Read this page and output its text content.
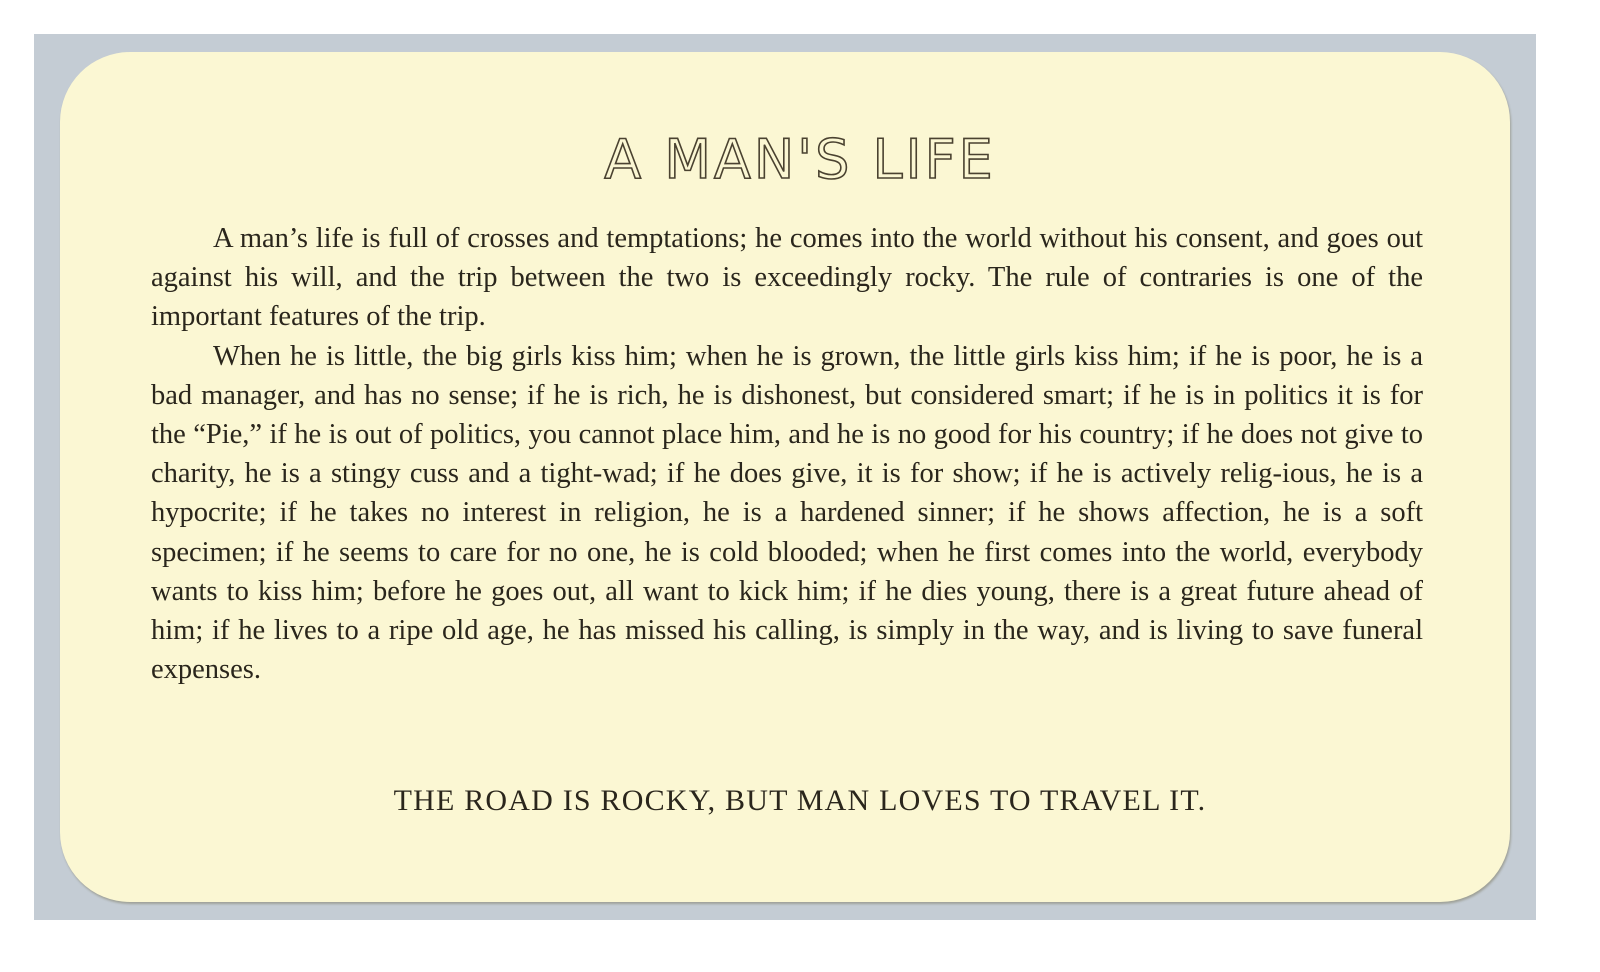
A MAN'S LIFE

A man’s life is full of crosses and temptations; he comes into the world without his consent, and goes out against his will, and the trip between the two is exceedingly rocky. The rule of contraries is one of the important features of the trip.

When he is little, the big girls kiss him; when he is grown, the little girls kiss him; if he is poor, he is a bad manager, and has no sense; if he is rich, he is dishonest, but considered smart; if he is in politics it is for the “Pie,” if he is out of politics, you cannot place him, and he is no good for his country; if he does not give to charity, he is a stingy cuss and a tight-wad; if he does give, it is for show; if he is actively relig-ious, he is a hypocrite; if he takes no interest in religion, he is a hardened sinner; if he shows affection, he is a soft specimen; if he seems to care for no one, he is cold blooded; when he first comes into the world, everybody wants to kiss him; before he goes out, all want to kick him; if he dies young, there is a great future ahead of him; if he lives to a ripe old age, he has missed his calling, is simply in the way, and is living to save funeral expenses.

THE ROAD IS ROCKY, BUT MAN LOVES TO TRAVEL IT.
